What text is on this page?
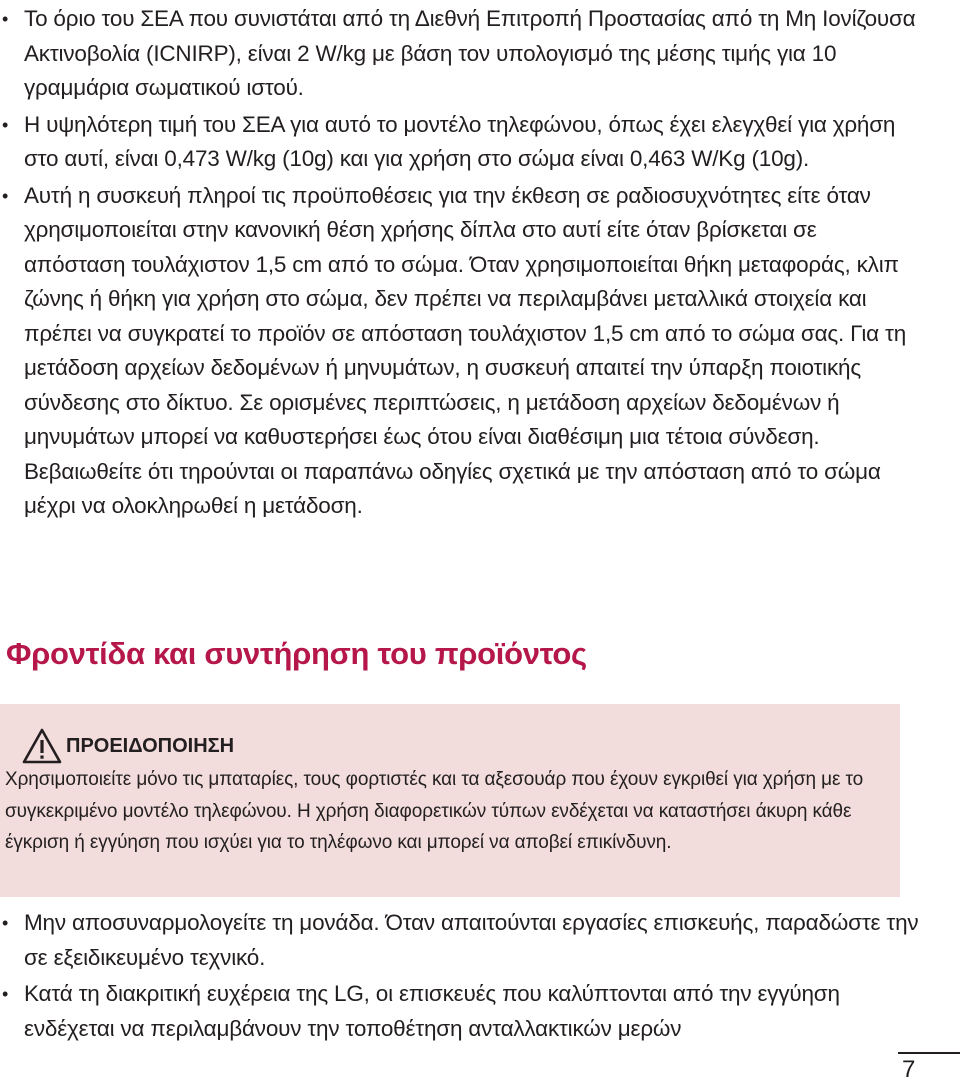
• Το όριο του ΣΕΑ που συνιστάται από τη Διεθνή Επιτροπή Προστασίας από τη Μη Ιονίζουσα Ακτινοβολία (ICNIRP), είναι 2 W/kg με βάση τον υπολογισμό της μέσης τιμής για 10 γραμμάρια σωματικού ιστού.
• Η υψηλότερη τιμή του ΣΕΑ για αυτό το μοντέλο τηλεφώνου, όπως έχει ελεγχθεί για χρήση στο αυτί, είναι 0,473 W/kg (10g) και για χρήση στο σώμα είναι 0,463 W/Kg (10g).
• Αυτή η συσκευή πληροί τις προϋποθέσεις για την έκθεση σε ραδιοσυχνότητες είτε όταν χρησιμοποιείται στην κανονική θέση χρήσης δίπλα στο αυτί είτε όταν βρίσκεται σε απόσταση τουλάχιστον 1,5 cm από το σώμα. Όταν χρησιμοποιείται θήκη μεταφοράς, κλιπ ζώνης ή θήκη για χρήση στο σώμα, δεν πρέπει να περιλαμβάνει μεταλλικά στοιχεία και πρέπει να συγκρατεί το προϊόν σε απόσταση τουλάχιστον 1,5 cm από το σώμα σας. Για τη μετάδοση αρχείων δεδομένων ή μηνυμάτων, η συσκευή απαιτεί την ύπαρξη ποιοτικής σύνδεσης στο δίκτυο. Σε ορισμένες περιπτώσεις, η μετάδοση αρχείων δεδομένων ή μηνυμάτων μπορεί να καθυστερήσει έως ότου είναι διαθέσιμη μια τέτοια σύνδεση. Βεβαιωθείτε ότι τηρούνται οι παραπάνω οδηγίες σχετικά με την απόσταση από το σώμα μέχρι να ολοκληρωθεί η μετάδοση.
Φροντίδα και συντήρηση του προϊόντος
ΠΡΟΕΙΔΟΠΟΙΗΣΗ

Χρησιμοποιείτε μόνο τις μπαταρίες, τους φορτιστές και τα αξεσουάρ που έχουν εγκριθεί για χρήση με το συγκεκριμένο μοντέλο τηλεφώνου. Η χρήση διαφορετικών τύπων ενδέχεται να καταστήσει άκυρη κάθε έγκριση ή εγγύηση που ισχύει για το τηλέφωνο και μπορεί να αποβεί επικίνδυνη.

• Μην αποσυναρμολογείτε τη μονάδα. Όταν απαιτούνται εργασίες επισκευής, παραδώστε την σε εξειδικευμένο τεχνικό.
• Κατά τη διακριτική ευχέρεια της LG, οι επισκευές που καλύπτονται από την εγγύηση ενδέχεται να περιλαμβάνουν την τοποθέτηση ανταλλακτικών μερών
7
